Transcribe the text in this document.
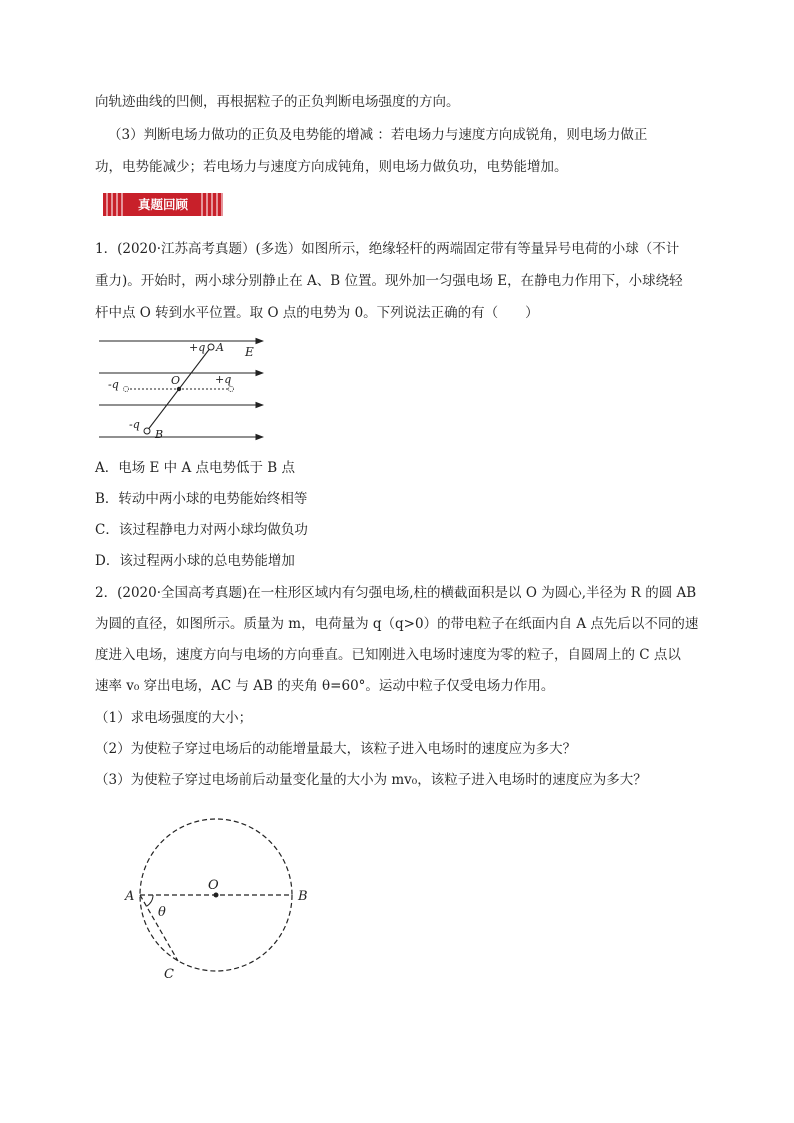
向轨迹曲线的凹侧，再根据粒子的正负判断电场强度的方向。
（3）判断电场力做功的正负及电势能的增减 ：若电场力与速度方向成锐角，则电场力做正
功，电势能减少；若电场力与速度方向成钝角，则电场力做负功，电势能增加。
真题回顾
1．(2020·江苏高考真题）(多选）如图所示，绝缘轻杆的两端固定带有等量异号电荷的小球（不计
重力)。开始时，两小球分别静止在 A、B 位置。现外加一匀强电场 E，在静电力作用下，小球绕轻
杆中点 O 转到水平位置。取 O 点的电势为 0。下列说法正确的有（　　）
+q A E
-q	O	+q
-q
B
A．电场 E 中 A 点电势低于 B 点
B．转动中两小球的电势能始终相等
C．该过程静电力对两小球均做负功
D．该过程两小球的总电势能增加
2．(2020·全国高考真题)在一柱形区域内有匀强电场,柱的横截面积是以 O 为圆心,半径为 R 的圆 AB
为圆的直径，如图所示。质量为 m，电荷量为 q（q>0）的带电粒子在纸面内自 A 点先后以不同的速
度进入电场，速度方向与电场的方向垂直。已知刚进入电场时速度为零的粒子，自圆周上的 C 点以
速率 v₀ 穿出电场，AC 与 AB 的夹角 θ=60°。运动中粒子仅受电场力作用。
（1）求电场强度的大小；
（2）为使粒子穿过电场后的动能增量最大，该粒子进入电场时的速度应为多大？
（3）为使粒子穿过电场前后动量变化量的大小为 mv₀，该粒子进入电场时的速度应为多大？
O
A	B
θ
C
